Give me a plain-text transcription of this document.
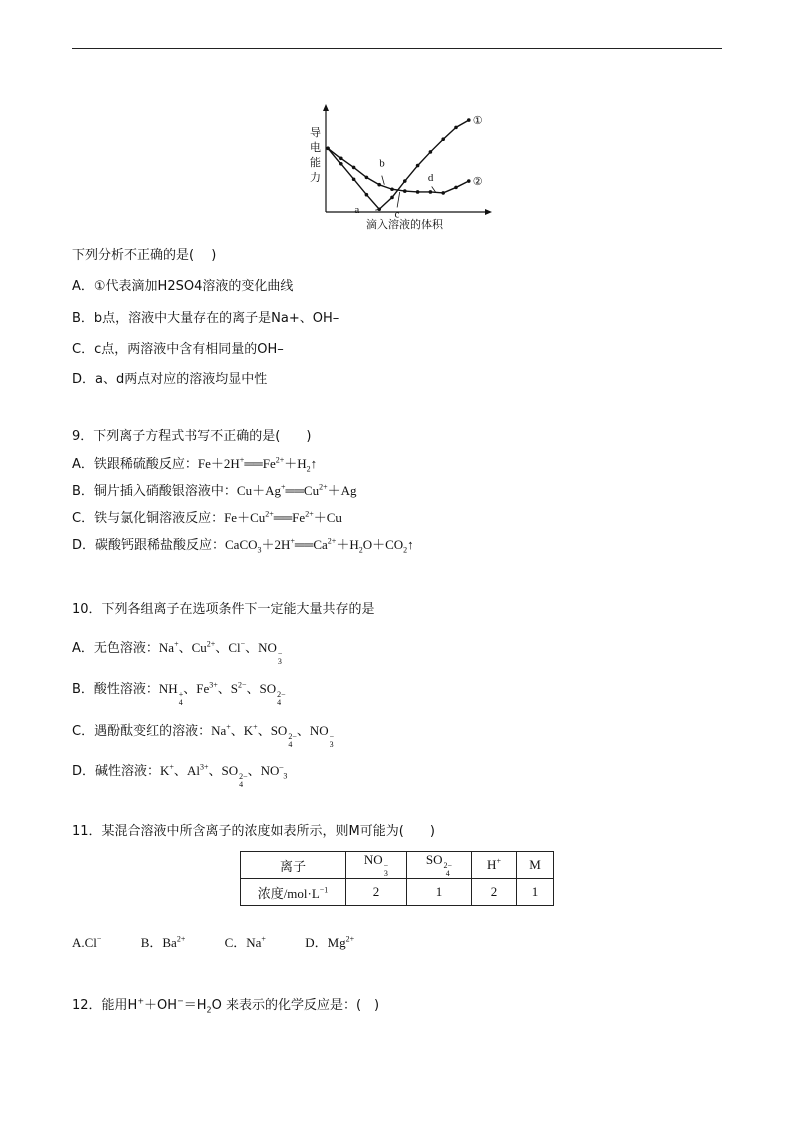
导
电
能
力
滴入溶液的体积
①
②
a
b
c
d
下列分析不正确的是(  )
A．①代表滴加H2SO4溶液的变化曲线
B．b点，溶液中大量存在的离子是Na+、OH–
C．c点，两溶液中含有相同量的OH–
D．a、d两点对应的溶液均显中性
9．下列离子方程式书写不正确的是(  )
A．铁跟稀硫酸反应：$Fe+2H^+══Fe^{2+}+H_2↑$
B．铜片插入硝酸银溶液中：$Cu+Ag^+══Cu^{2+}+Ag$
C．铁与氯化铜溶液反应：$Fe+Cu^{2+}══Fe^{2+}+Cu$
D．碳酸钙跟稀盐酸反应：$CaCO_3+2H^+══Ca^{2+}+H_2O+CO_2↑$
10．下列各组离子在选项条件下一定能大量共存的是
A．无色溶液：Na+、$Cu^{2+}$、Cl−、NO −
3
B．酸性溶液：NH +
4
、$Fe^{3+}$、$S^{2-}$、SO 2−
4
C．遇酚酞变红的溶液：Na+、K+、SO 2−
4
、NO −
3
D．碱性溶液：K+、$Al^{3+}$、SO 2−
4
、$NO^-_3$
11．某混合溶液中所含离子的浓度如表所示，则M可能为(  )
离子	NO −
3	SO 2−
4	H+	M
浓度$/mol\cdot L^{-1}$	2	1	2	1
A.Cl−	B．$Ba^{2+}$	C．Na+	D．$Mg^{2+}$
12．能用$H^++OH^-=H_2O$ 来表示的化学反应是：( )
